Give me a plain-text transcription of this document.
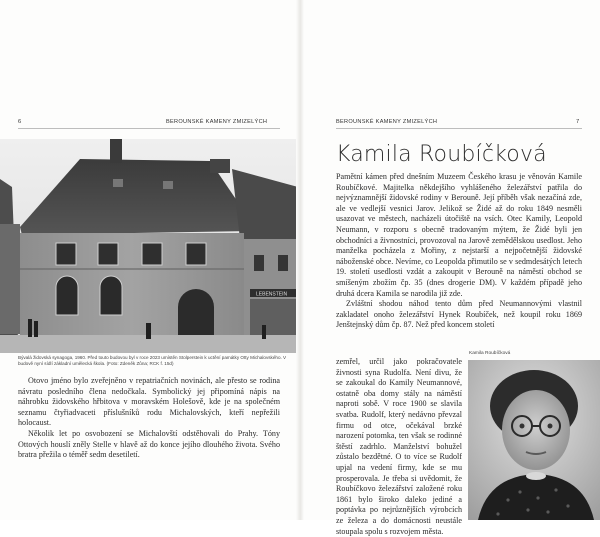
6	BEROUNSKÉ KAMENY ZMIZELÝCH
LEBENSTEIN
Bývalá židovská synagoga, 1960. Před touto budovou byl v roce 2023 umístěn Stolperstein k uctění památky Otty Michalovského. V budově nyní sídlí základní umělecká škola. (Foto: Zdeněk Zůna; RCK f. 15d)

Otovo jméno bylo zveřejněno v repatriačních novinách, ale přesto se rodina návratu posledního člena nedočkala. Symbolický jej připomíná nápis na náhrobku židovského hřbitova v moravském Holešově, kde je na společném seznamu čtyřiadvaceti příslušníků rodu Michalovských, kteří nepřežili holocaust.

Několik let po osvobození se Michalovští odstěhovali do Prahy. Tóny Ottových houslí zněly Stelle v hlavě až do konce jejího dlouhého života. Svého bratra přežila o téměř sedm desetiletí.

BEROUNSKÉ KAMENY ZMIZELÝCH	7
Kamila Roubíčková

Pamětní kámen před dnešním Muzeem Českého krasu je věnován Kamile Roubíčkové. Majitelka někdejšího vyhlášeného železářství patřila do nejvýznamnější židovské rodiny v Berouně. Její příběh však nezačíná zde, ale ve vedlejší vesnici Jarov. Jelikož se Židé až do roku 1849 nesměli usazovat ve městech, nacházeli útočiště na vsích. Otec Kamily, Leopold Neumann, v rozporu s obecně tradovaným mýtem, že Židé byli jen obchodníci a živnostníci, provozoval na Jarově zemědělskou usedlost. Jeho manželka pocházela z Mořiny, z nejstarší a nejpočetnější židovské náboženské obce. Nevíme, co Leopolda přimutilo se v sedmdesátých letech 19. století usedlosti vzdát a zakoupit v Berouně na náměstí obchod se smíšeným zbožím čp. 35 (dnes drogerie DM). V každém případě jeho druhá dcera Kamila se narodila již zde.

Zvláštní shodou náhod tento dům před Neumannovými vlastnil zakladatel onoho železářství Hynek Roubíček, než koupil roku 1869 Jenštejnský dům čp. 87. Než před koncem století

zemřel, určil jako pokračovatele živnosti syna Rudolfa. Není divu, že se zakoukal do Kamily Neumannové, ostatně oba domy stály na náměstí naproti sobě. V roce 1900 se slavila svatba. Rudolf, který nedávno převzal firmu od otce, očekával brzké narození potomka, ten však se rodinné štěstí zadrhlo. Manželství bohužel zůstalo bezdětné. O to více se Rudolf upjal na vedení firmy, kde se mu prosperovala. Je třeba si uvědomit, že Roubíčkovo železářství založené roku 1861 bylo široko daleko jediné a poptávka po nejrůznějších výrobcích ze železa a do domácnosti neustále stoupala spolu s rozvojem města.

Kamila Roubíčková
